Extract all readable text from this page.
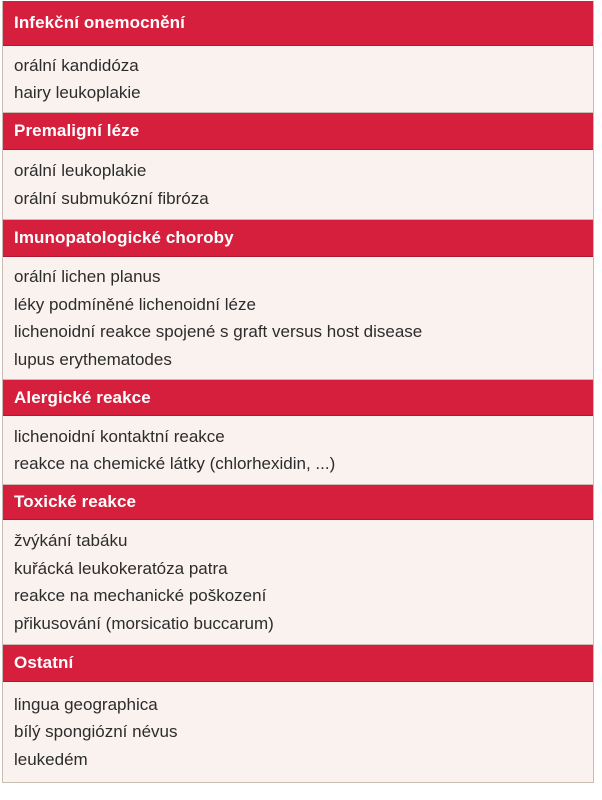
Infekční onemocnění
orální kandidóza
hairy leukoplakie
Premaligní léze
orální leukoplakie
orální submukózní fibróza
Imunopatologické choroby
orální lichen planus
léky podmíněné lichenoidní léze
lichenoidní reakce spojené s graft versus host disease
lupus erythematodes
Alergické reakce
lichenoidní kontaktní reakce
reakce na chemické látky (chlorhexidin, ...)
Toxické reakce
žvýkání tabáku
kuřácká leukokeratóza patra
reakce na mechanické poškození
přikusování (morsicatio buccarum)
Ostatní
lingua geographica
bílý spongiózní névus
leukedém
